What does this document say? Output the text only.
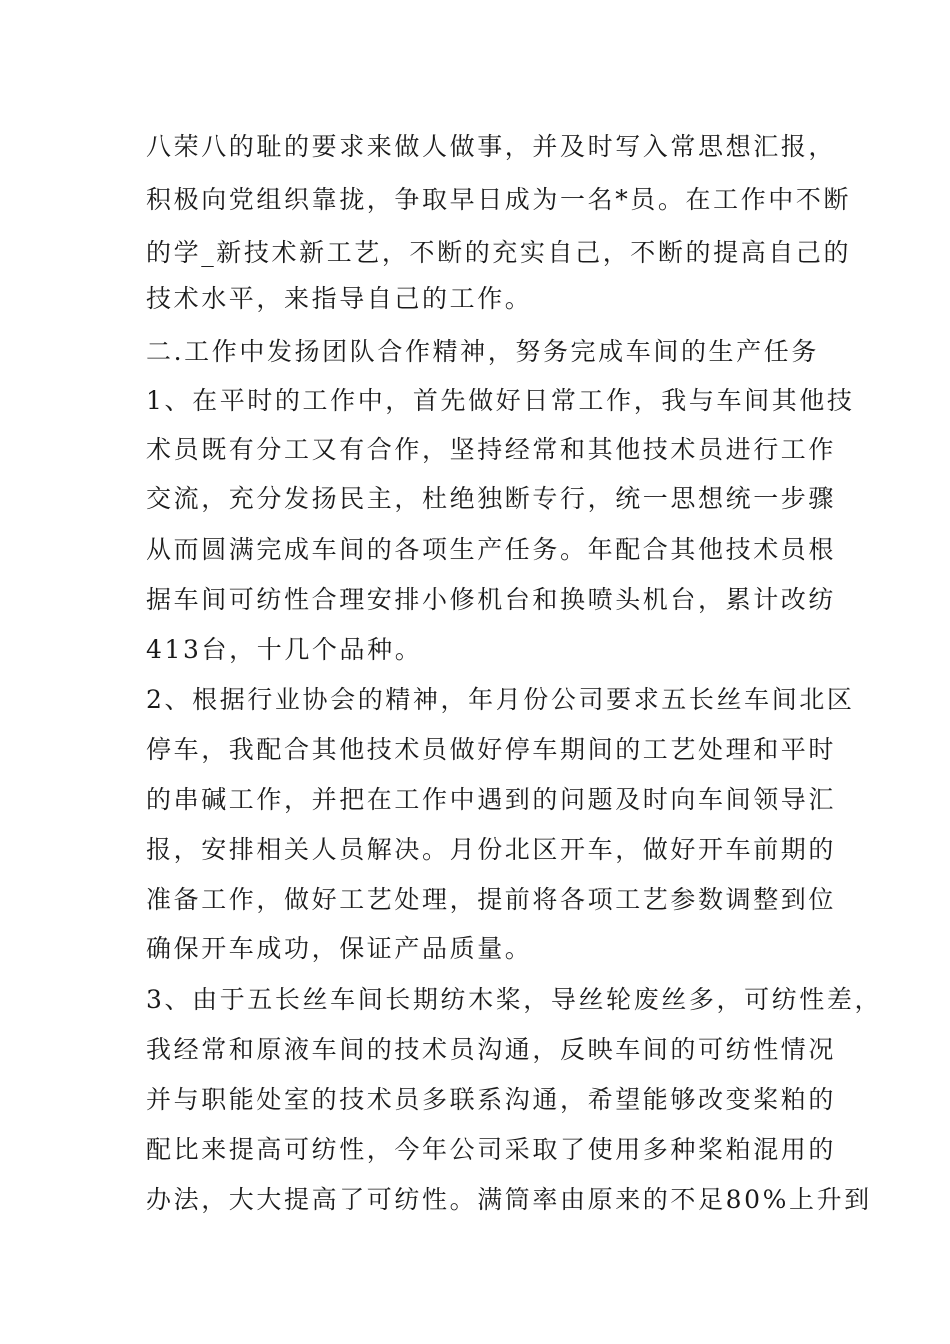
八荣八的耻的要求来做人做事，并及时写入常思想汇报，
积极向党组织靠拢，争取早日成为一名*员。在工作中不断
的学_新技术新工艺，不断的充实自己，不断的提高自己的
技术水平，来指导自己的工作。
二.工作中发扬团队合作精神，努务完成车间的生产任务
1、在平时的工作中，首先做好日常工作，我与车间其他技
术员既有分工又有合作，坚持经常和其他技术员进行工作
交流，充分发扬民主，杜绝独断专行，统一思想统一步骤
从而圆满完成车间的各项生产任务。年配合其他技术员根
据车间可纺性合理安排小修机台和换喷头机台，累计改纺
413台，十几个品种。
2、根据行业协会的精神，年月份公司要求五长丝车间北区
停车，我配合其他技术员做好停车期间的工艺处理和平时
的串碱工作，并把在工作中遇到的问题及时向车间领导汇
报，安排相关人员解决。月份北区开车，做好开车前期的
准备工作，做好工艺处理，提前将各项工艺参数调整到位
确保开车成功，保证产品质量。
3、由于五长丝车间长期纺木桨，导丝轮废丝多，可纺性差，
我经常和原液车间的技术员沟通，反映车间的可纺性情况
并与职能处室的技术员多联系沟通，希望能够改变桨粕的
配比来提高可纺性，今年公司采取了使用多种桨粕混用的
办法，大大提高了可纺性。满筒率由原来的不足80%上升到
